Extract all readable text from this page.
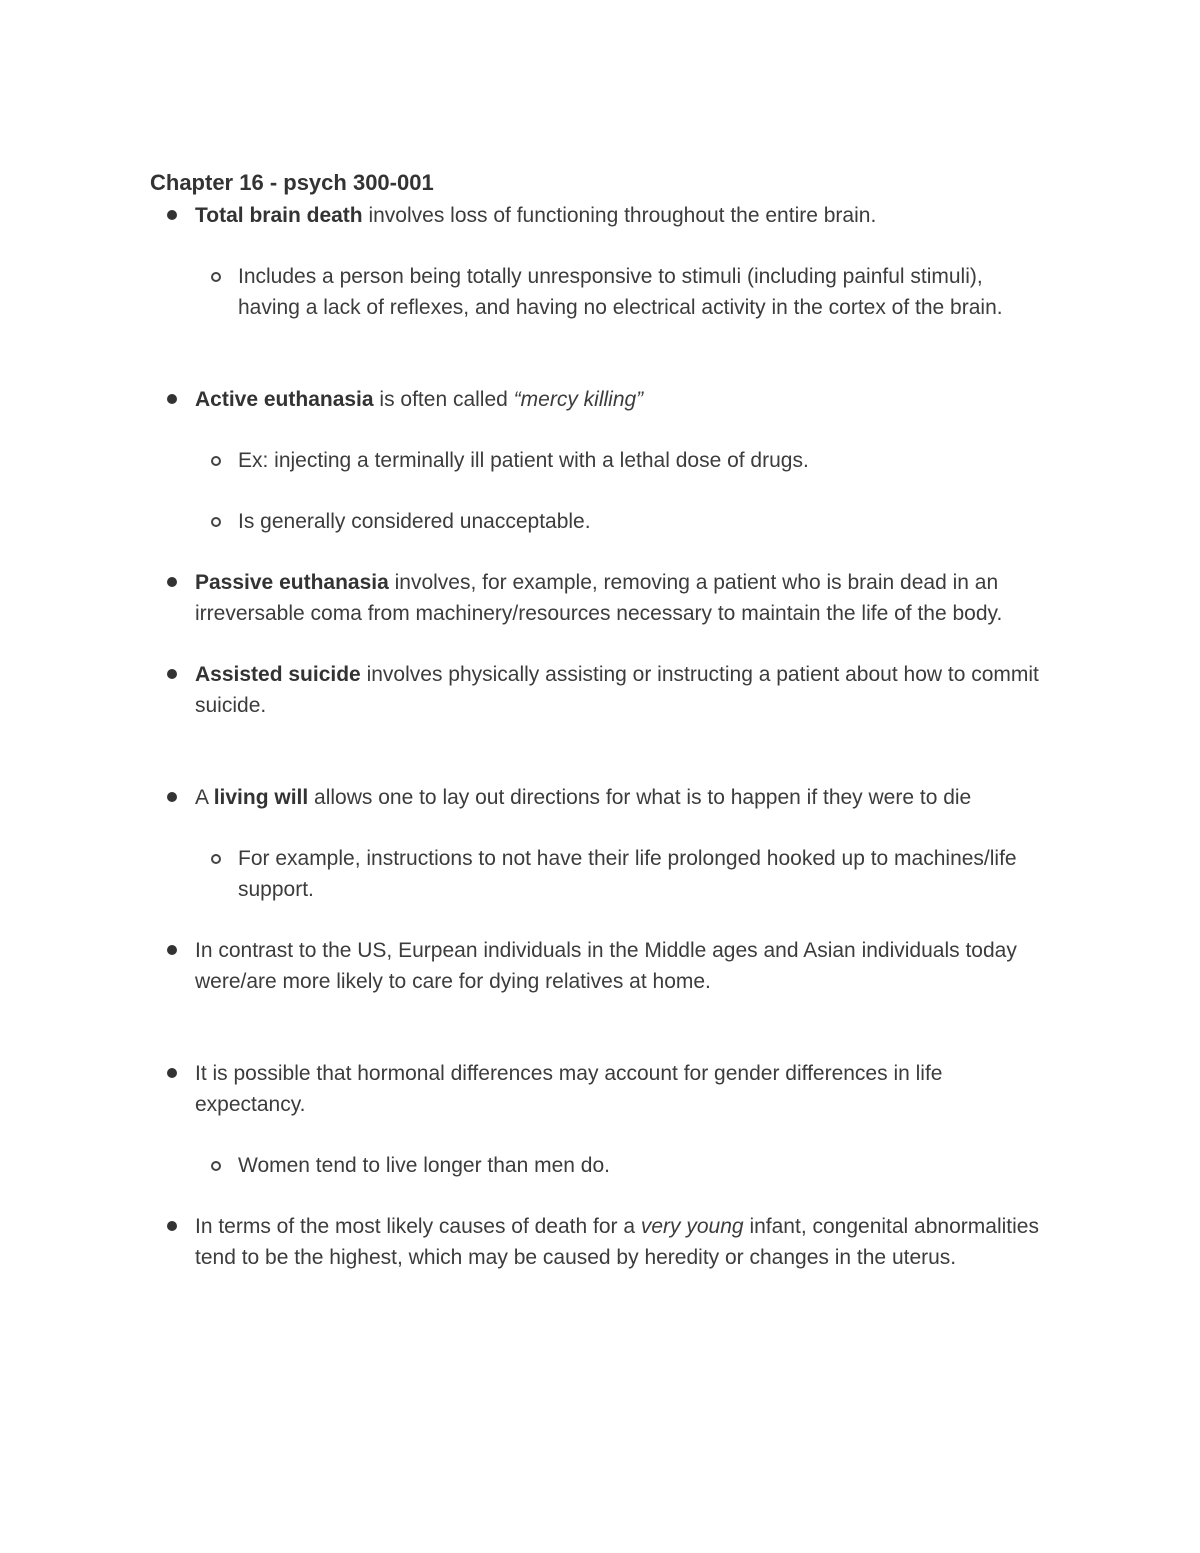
Chapter 16 - psych 300-001
Total brain death involves loss of functioning throughout the entire brain.
Includes a person being totally unresponsive to stimuli (including painful stimuli), having a lack of reflexes, and having no electrical activity in the cortex of the brain.
Active euthanasia is often called “mercy killing”
Ex: injecting a terminally ill patient with a lethal dose of drugs.
Is generally considered unacceptable.
Passive euthanasia involves, for example, removing a patient who is brain dead in an irreversable coma from machinery/resources necessary to maintain the life of the body.
Assisted suicide involves physically assisting or instructing a patient about how to commit suicide.
A living will allows one to lay out directions for what is to happen if they were to die
For example, instructions to not have their life prolonged hooked up to machines/life support.
In contrast to the US, Eurpean individuals in the Middle ages and Asian individuals today were/are more likely to care for dying relatives at home.
It is possible that hormonal differences may account for gender differences in life expectancy.
Women tend to live longer than men do.
In terms of the most likely causes of death for a very young infant, congenital abnormalities tend to be the highest, which may be caused by heredity or changes in the uterus.
